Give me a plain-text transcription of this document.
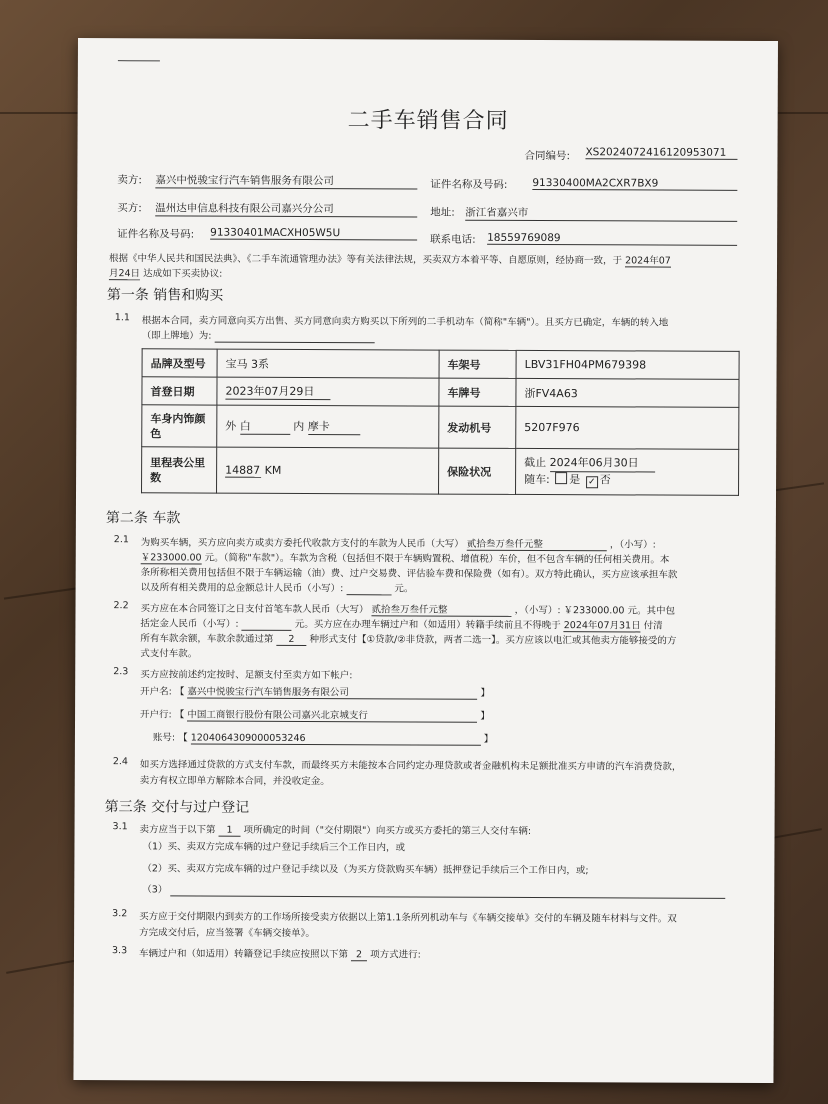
二手车销售合同
合同编号: XS2024072416120953071
卖方: 嘉兴中悦骏宝行汽车销售服务有限公司	证件名称及号码: 91330400MA2CXR7BX9
买方: 温州达申信息科技有限公司嘉兴分公司	地址: 浙江省嘉兴市
证件名称及号码: 91330401MACXH05W5U
联系电话: 18559769089
根据《中华人民共和国民法典》、《二手车流通管理办法》等有关法律法规，买卖双方本着平等、自愿原则，经协商一致，于 2024年07
月24日 达成如下买卖协议:
第一条 销售和购买
1.1 根据本合同，卖方同意向买方出售、买方同意向卖方购买以下所列的二手机动车（简称"车辆"）。且买方已确定，车辆的转入地
（即上牌地）为:
品牌及型号	宝马 3系	车架号	LBV31FH04PM679398
首登日期	2023年07月29日	车牌号	浙FV4A63
车身内饰颜色	外 白 内 摩卡	发动机号	5207F976
里程表公里数	14887 KM	保险状况	截止 2024年06月30日
随车: 是 ✓ 否
第二条 车款
2.1 为购买车辆，买方应向卖方或卖方委托代收款方支付的车款为人民币（大写） 贰拾叁万叁仟元整	，（小写）:
￥233000.00 元。（简称"车款"）。车款为含税（包括但不限于车辆购置税、增值税）车价，但不包含车辆的任何相关费用。本
条所称相关费用包括但不限于车辆运输（油）费、过户交易费、评估验车费和保险费（如有）。双方特此确认，买方应该承担车款
以及所有相关费用的总金额总计人民币（小写）:	元。
2.2 买方应在本合同签订之日支付首笔车款人民币（大写） 贰拾叁万叁仟元整	，（小写）: ￥233000.00 元。其中包
括定金人民币（小写）:	元。买方应在办理车辆过户和（如适用）转籍手续前且不得晚于 2024年07月31日 付清
所有车款余额，车款余款通过第 2 种形式支付【①贷款/②非贷款，两者二选一】。买方应该以电汇或其他卖方能够接受的方
式支付车款。
2.3 买方应按前述约定按时、足额支付至卖方如下帐户:
开户名: 【 嘉兴中悦骏宝行汽车销售服务有限公司	】
开户行: 【 中国工商银行股份有限公司嘉兴北京城支行	】
账号: 【 1204064309000053246	】
2.4 如买方选择通过贷款的方式支付车款，而最终买方未能按本合同约定办理贷款或者金融机构未足额批准买方申请的汽车消费贷款，
卖方有权立即单方解除本合同，并没收定金。
第三条 交付与过户登记
3.1 卖方应当于以下第 1 项所确定的时间（"交付期限"）向买方或买方委托的第三人交付车辆:
（1）买、卖双方完成车辆的过户登记手续后三个工作日内，或
（2）买、卖双方完成车辆的过户登记手续以及（为买方贷款购买车辆）抵押登记手续后三个工作日内，或;
（3）
3.2 买方应于交付期限内到卖方的工作场所接受卖方依据以上第1.1条所列机动车与《车辆交接单》交付的车辆及随车材料与文件。双
方完成交付后，应当签署《车辆交接单》。
3.3 车辆过户和（如适用）转籍登记手续应按照以下第 2 项方式进行:
